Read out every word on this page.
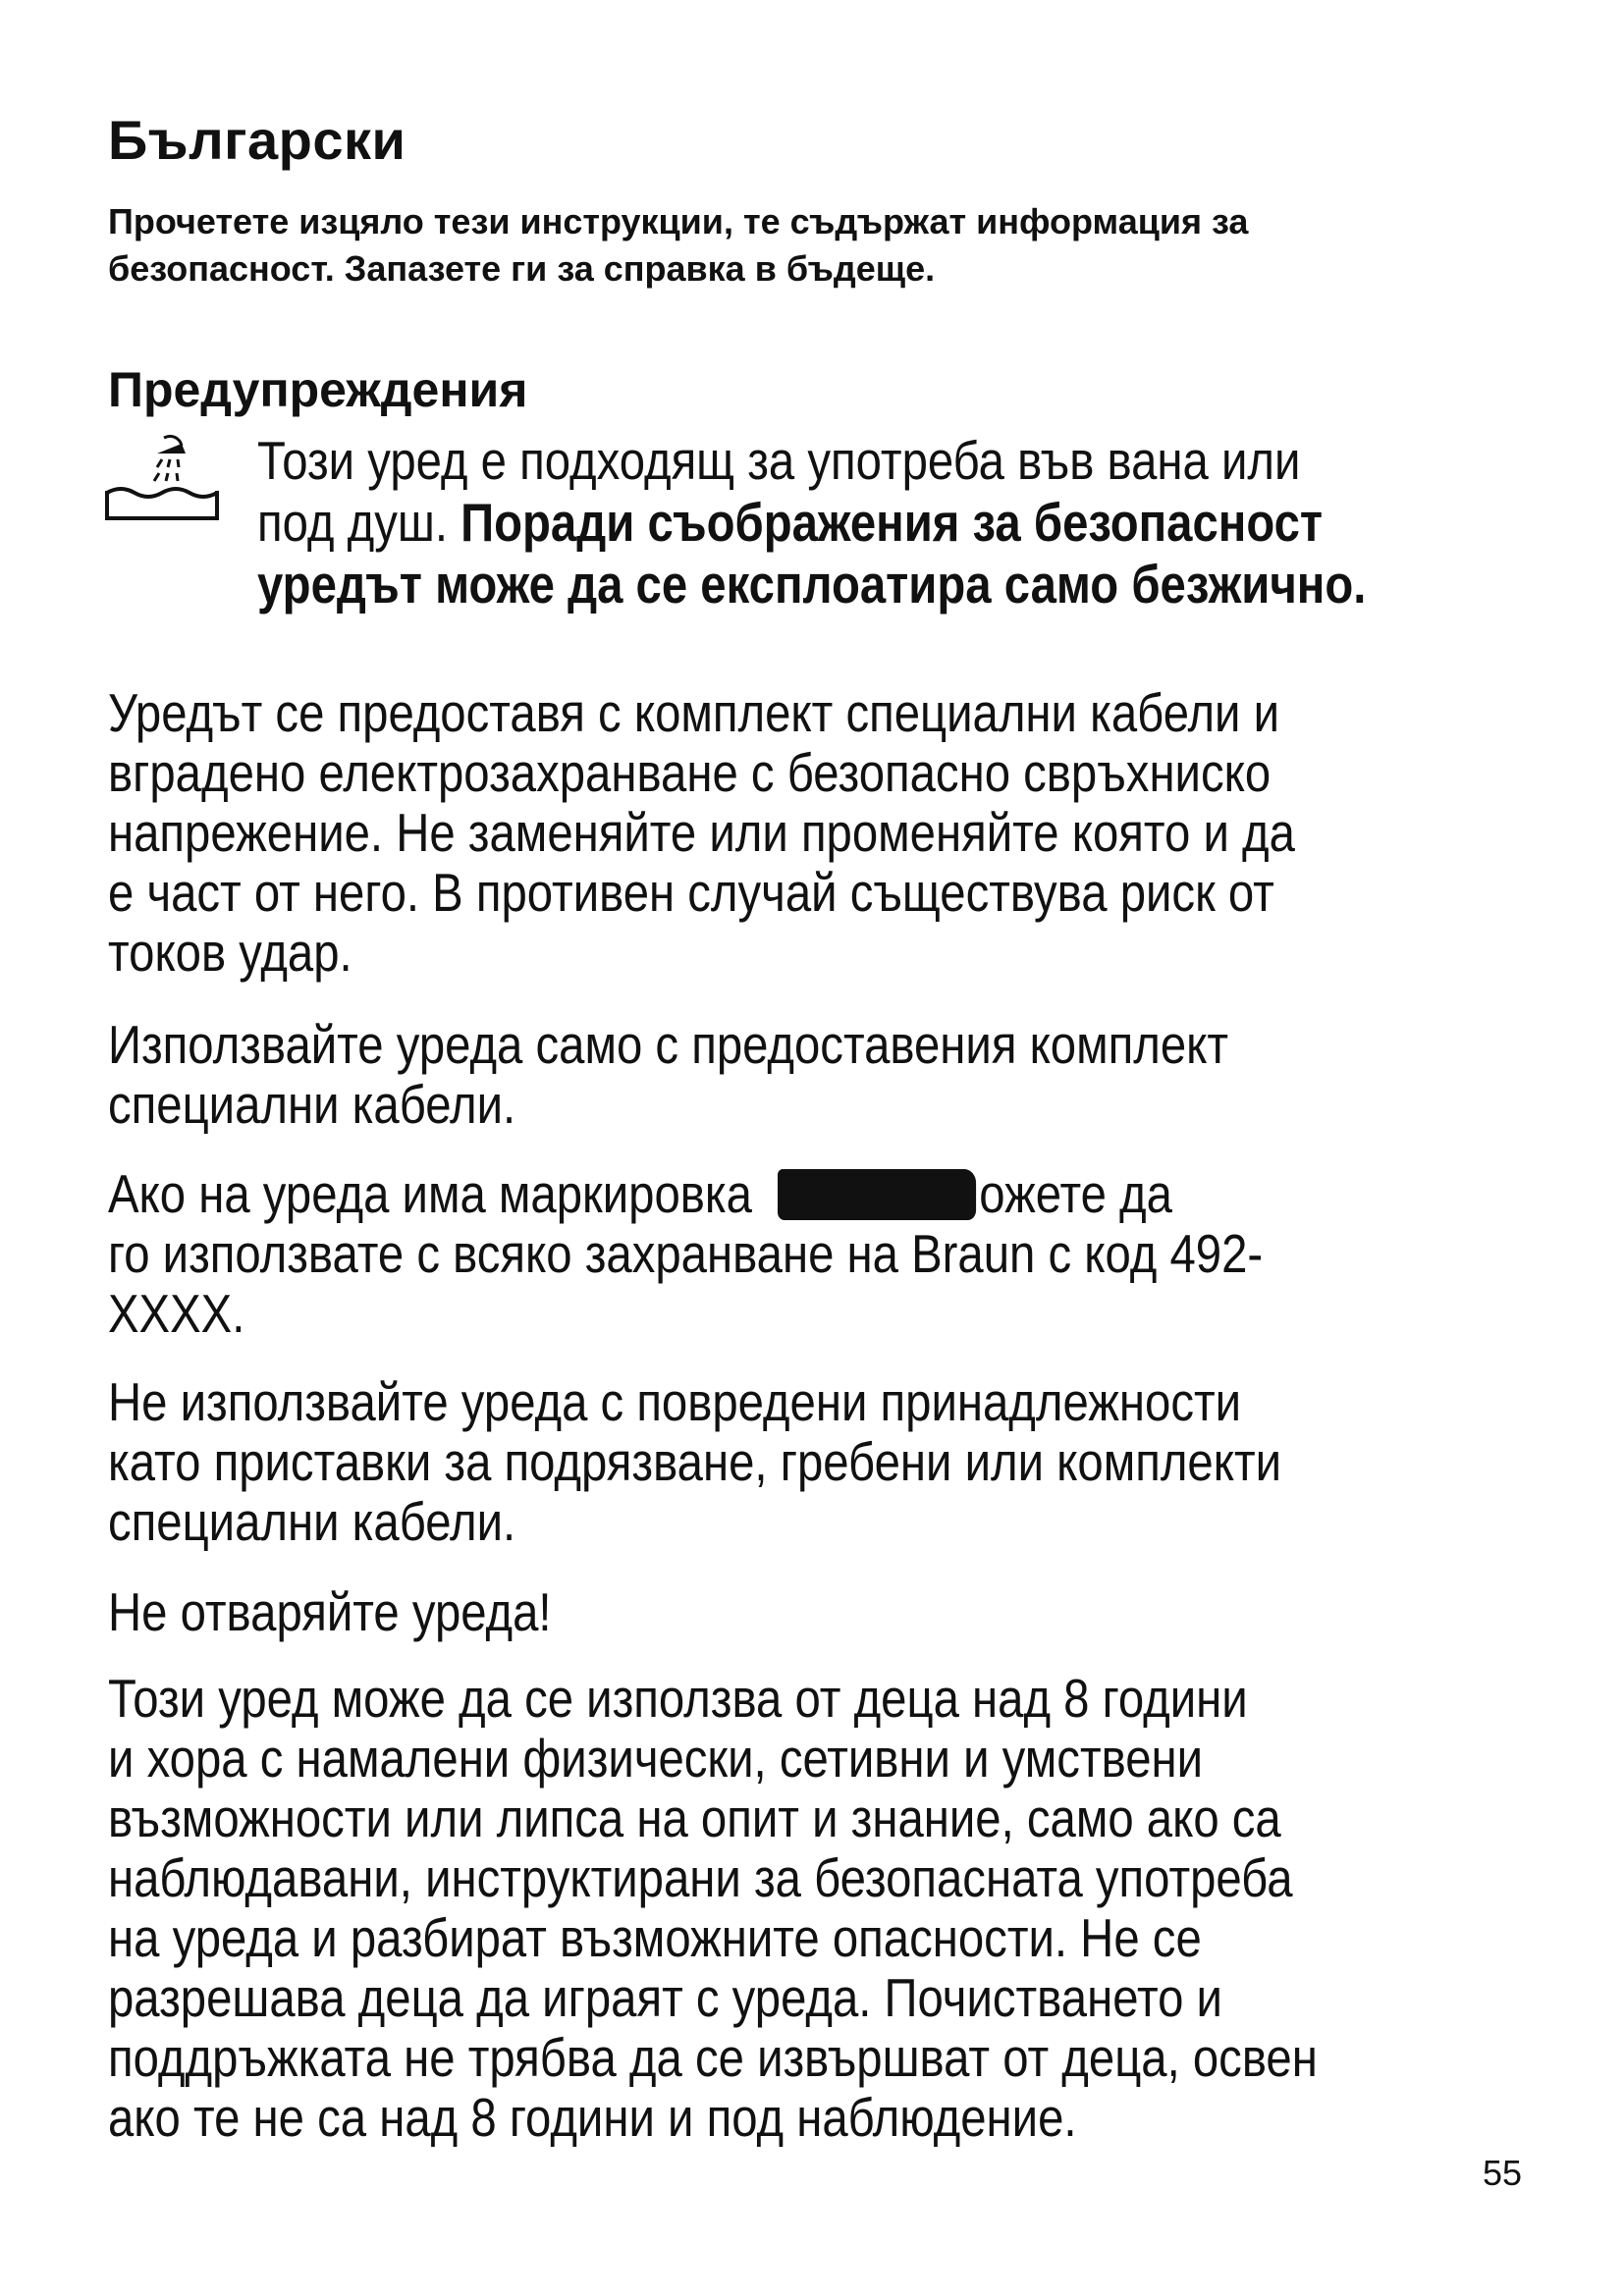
Български

Прочетете изцяло тези инструкции, те съдържат информация за
безопасност. Запазете ги за справка в бъдеще.

Предупреждения
Този уред е подходящ за употреба във вана или
под душ. Поради съображения за безопасност
уредът може да се експлоатира само безжично.

Уредът се предоставя с комплект специални кабели и
вградено електрозахранване с безопасно свръхниско
напрежение. Не заменяйте или променяйте която и да
е част от него. В противен случай съществува риск от
токов удар.

Използвайте уреда само с предоставения комплект
специални кабели.

Ако на уреда има маркировка	ожете да
го използвате с всяко захранване на Braun с код 492-
XXXX.

Не използвайте уреда с повредени принадлежности
като приставки за подрязване, гребени или комплекти
специални кабели.

Не отваряйте уреда!

Този уред може да се използва от деца над 8 години
и хора с намалени физически, сетивни и умствени
възможности или липса на опит и знание, само ако са
наблюдавани, инструктирани за безопасната употреба
на уреда и разбират възможните опасности. Не се
разрешава деца да играят с уреда. Почистването и
поддръжката не трябва да се извършват от деца, освен
ако те не са над 8 години и под наблюдение.

55
